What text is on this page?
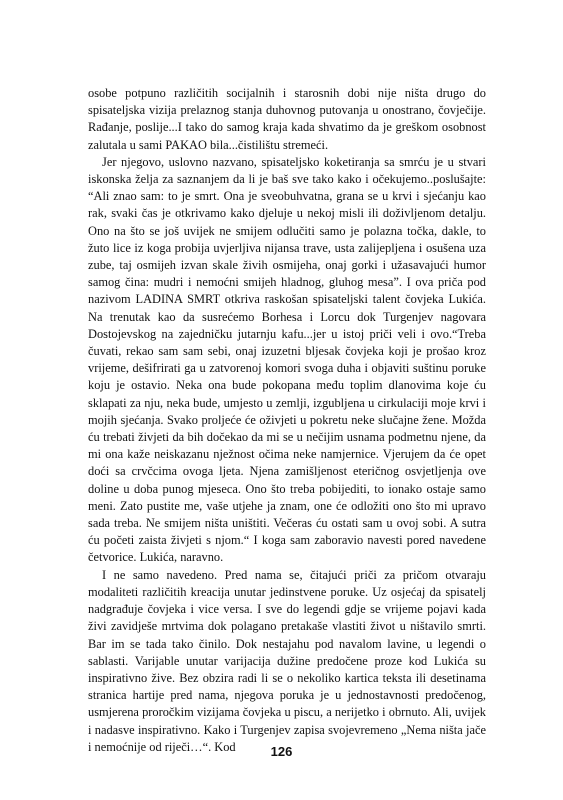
osobe potpuno različitih socijalnih i starosnih dobi nije ništa drugo do spisateljska vizija prelaznog stanja duhovnog putovanja u onostrano, čovječije. Rađanje, poslije...I tako do samog kraja kada shvatimo da je greškom osobnost zalutala u sami PAKAO bila...čistilištu stremeći.

Jer njegovo, uslovno nazvano, spisateljsko koketiranja sa smrću je u stvari iskonska želja za saznanjem da li je baš sve tako kako i očekujemo..poslušajte: “Ali znao sam: to je smrt. Ona je sveobuhvatna, grana se u krvi i sjećanju kao rak, svaki čas je otkrivamo kako djeluje u nekoj misli ili doživljenom detalju. Ono na što se još uvijek ne smijem odlučiti samo je polazna točka, dakle, to žuto lice iz koga probija uvjerljiva nijansa trave, usta zalijepljena i osušena uza zube, taj osmijeh izvan skale živih osmijeha, onaj gorki i užasavajući humor samog čina: mudri i nemoćni smijeh hladnog, gluhog mesa”. I ova priča pod nazivom LADINA SMRT otkriva raskošan spisateljski talent čovjeka Lukića. Na trenutak kao da susrećemo Borhesa i Lorcu dok Turgenjev nagovara Dostojevskog na zajedničku jutarnju kafu...jer u istoj priči veli i ovo.“Treba čuvati, rekao sam sam sebi, onaj izuzetni bljesak čovjeka koji je prošao kroz vrijeme, dešifrirati ga u zatvorenoj komori svoga duha i objaviti suštinu poruke koju je ostavio. Neka ona bude pokopana među toplim dlanovima koje ću sklapati za nju, neka bude, umjesto u zemlji, izgubljena u cirkulaciji moje krvi i mojih sjećanja. Svako proljeće će oživjeti u pokretu neke slučajne žene. Možda ću trebati živjeti da bih dočekao da mi se u nečijim usnama podmetnu njene, da mi ona kaže neiskazanu nježnost očima neke namjernice. Vjerujem da će opet doći sa crvčcima ovoga ljeta. Njena zamišljenost eteričnog osvjetljenja ove doline u doba punog mjeseca. Ono što treba pobijediti, to ionako ostaje samo meni. Zato pustite me, vaše utjehe ja znam, one će odložiti ono što mi upravo sada treba. Ne smijem ništa uništiti. Večeras ću ostati sam u ovoj sobi. A sutra ću početi zaista živjeti s njom.“ I koga sam zaboravio navesti pored navedene četvorice. Lukića, naravno.

I ne samo navedeno. Pred nama se, čitajući priči za pričom otvaraju modaliteti različitih kreacija unutar jedinstvene poruke. Uz osjećaj da spisatelj nadgrađuje čovjeka i vice versa. I sve do legendi gdje se vrijeme pojavi kada živi zavidješe mrtvima dok polagano pretakaše vlastiti život u ništavilo smrti. Bar im se tada tako činilo. Dok nestajahu pod navalom lavine, u legendi o sablasti. Varijable unutar varijacija dužine predočene proze kod Lukića su inspirativno žive. Bez obzira radi li se o nekoliko kartica teksta ili desetinama stranica hartije pred nama, njegova poruka je u jednostavnosti predočenog, usmjerena proročkim vizijama čovjeka u piscu, a nerijetko i obrnuto. Ali, uvijek i nadasve inspirativno. Kako i Turgenjev zapisa svojevremeno „Nema ništa jače i nemoćnije od riječi…“. Kod	126
